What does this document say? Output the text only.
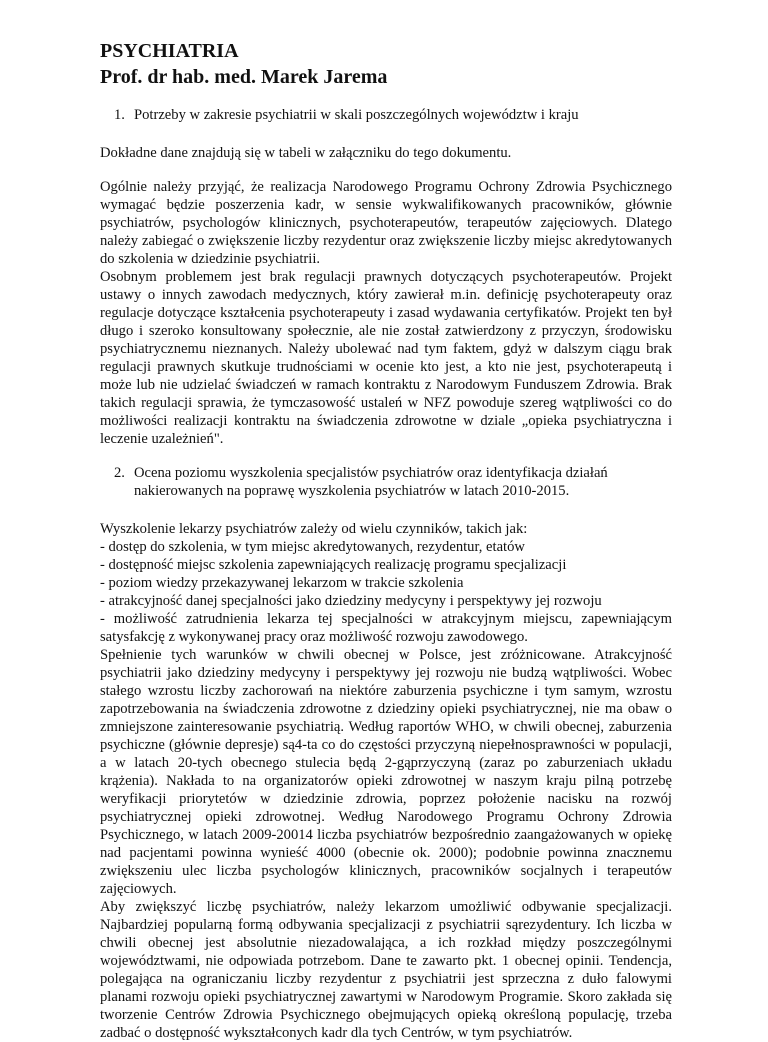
PSYCHIATRIA
Prof. dr hab. med. Marek Jarema
1. Potrzeby w zakresie psychiatrii w skali poszczególnych województw i kraju

Dokładne dane znajdują się w tabeli w załączniku do tego dokumentu.

Ogólnie należy przyjąć, że realizacja Narodowego Programu Ochrony Zdrowia Psychicznego wymagać będzie poszerzenia kadr, w sensie wykwalifikowanych pracowników, głównie psychiatrów, psychologów klinicznych, psychoterapeutów, terapeutów zajęciowych. Dlatego należy zabiegać o zwiększenie liczby rezydentur oraz zwiększenie liczby miejsc akredytowanych do szkolenia w dziedzinie psychiatrii.

Osobnym problemem jest brak regulacji prawnych dotyczących psychoterapeutów. Projekt ustawy o innych zawodach medycznych, który zawierał m.in. definicję psychoterapeuty oraz regulacje dotyczące kształcenia psychoterapeuty i zasad wydawania certyfikatów. Projekt ten był długo i szeroko konsultowany społecznie, ale nie został zatwierdzony z przyczyn, środowisku psychiatrycznemu nieznanych. Należy ubolewać nad tym faktem, gdyż w dalszym ciągu brak regulacji prawnych skutkuje trudnościami w ocenie kto jest, a kto nie jest, psychoterapeutą i może lub nie udzielać świadczeń w ramach kontraktu z Narodowym Funduszem Zdrowia. Brak takich regulacji sprawia, że tymczasowość ustaleń w NFZ powoduje szereg wątpliwości co do możliwości realizacji kontraktu na świadczenia zdrowotne w dziale „opieka psychiatryczna i leczenie uzależnień".

2. Ocena poziomu wyszkolenia specjalistów psychiatrów oraz identyfikacja działań nakierowanych na poprawę wyszkolenia psychiatrów w latach 2010-2015.

Wyszkolenie lekarzy psychiatrów zależy od wielu czynników, takich jak:

- dostęp do szkolenia, w tym miejsc akredytowanych, rezydentur, etatów
- dostępność miejsc szkolenia zapewniających realizację programu specjalizacji
- poziom wiedzy przekazywanej lekarzom w trakcie szkolenia
- atrakcyjność danej specjalności jako dziedziny medycyny i perspektywy jej rozwoju
- możliwość zatrudnienia lekarza tej specjalności w atrakcyjnym miejscu, zapewniającym satysfakcję z wykonywanej pracy oraz możliwość rozwoju zawodowego.

Spełnienie tych warunków w chwili obecnej w Polsce, jest zróżnicowane. Atrakcyjność psychiatrii jako dziedziny medycyny i perspektywy jej rozwoju nie budzą wątpliwości. Wobec stałego wzrostu liczby zachorowań na niektóre zaburzenia psychiczne i tym samym, wzrostu zapotrzebowania na świadczenia zdrowotne z dziedziny opieki psychiatrycznej, nie ma obaw o zmniejszone zainteresowanie psychiatrią. Według raportów WHO, w chwili obecnej, zaburzenia psychiczne (głównie depresje) są4-ta co do częstości przyczyną niepełnosprawności w populacji, a w latach 20-tych obecnego stulecia będą 2-gąprzyczyną (zaraz po zaburzeniach układu krążenia). Nakłada to na organizatorów opieki zdrowotnej w naszym kraju pilną potrzebę weryfikacji priorytetów w dziedzinie zdrowia, poprzez położenie nacisku na rozwój psychiatrycznej opieki zdrowotnej. Według Narodowego Programu Ochrony Zdrowia Psychicznego, w latach 2009-20014 liczba psychiatrów bezpośrednio zaangażowanych w opiekę nad pacjentami powinna wynieść 4000 (obecnie ok. 2000); podobnie powinna znacznemu zwiększeniu ulec liczba psychologów klinicznych, pracowników socjalnych i terapeutów zajęciowych.

Aby zwiększyć liczbę psychiatrów, należy lekarzom umożliwić odbywanie specjalizacji. Najbardziej popularną formą odbywania specjalizacji z psychiatrii sąrezydentury. Ich liczba w chwili obecnej jest absolutnie niezadowalająca, a ich rozkład między poszczególnymi województwami, nie odpowiada potrzebom. Dane te zawarto pkt. 1 obecnej opinii. Tendencja, polegająca na ograniczaniu liczby rezydentur z psychiatrii jest sprzeczna z duło falowymi planami rozwoju opieki psychiatrycznej zawartymi w Narodowym Programie. Skoro zakłada się tworzenie Centrów Zdrowia Psychicznego obejmujących opieką określoną populację, trzeba zadbać o dostępność wykształconych kadr dla tych Centrów, w tym psychiatrów.
